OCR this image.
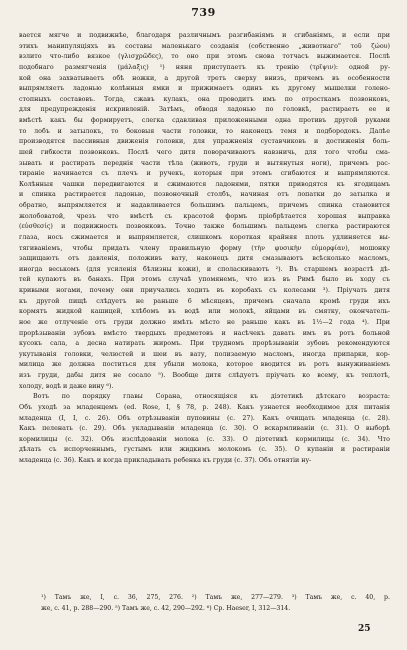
739
вается мягче и подвижнѣе, благодаря различнымъ разгибаніямъ и сгибаніямъ, и если при
этихъ манипуляціяхъ въ составы маленькаго созданія (собственно „животнаго" τοῦ ζώου)
взлито что-либо вязкое (γλισχρῶδες), то оно при этомъ снова тотчасъ выжимается. Послѣ
подобнаго размягченія (μάλαξις) ¹) няня приступаетъ къ тренію (τρῖψιν): одной ру-
кой она захватываетъ обѣ ножки, а другой третъ сверху внизъ, причемъ въ особенности
выпрямляетъ ладонью колѣнныя ямки и прижимаетъ одинъ къ другому мышелки голено-
стопныхъ составовъ. Тогда, сжавъ кулакъ, она проводитъ имъ по отросткамъ позвонковъ,
для предупрежденія искривленій. Затѣмъ, обводя ладонью по головкѣ, растираетъ ее и
вмѣстѣ какъ бы формируетъ, слегка сдавливая приложенными одна противъ другой руками
то лобъ и затылокъ, то боковыя части головки, то наконецъ темя и подбородокъ. Далѣе
производятся пассивныя движенія головки, для упражненія суставчиковъ и достиженія боль-
шей гибкости позвонковъ. Послѣ чего дитя поворачиваютъ навзничь, для того чтобы сма-
зывать и растирать переднія части тѣла (животъ, груди и вытянутыя ноги), причемъ рас-
тираніе начинается съ плечъ и ручекъ, которыя при этомъ сгибаются и выпрямляются.
Колѣнныя чашки передвигаются и сжимаются ладонями, пятки приводятся къ ягодицамъ
и спинка растирается ладонью, позвоночный столбъ, начиная отъ лопатки до затылка и
обратно, выпрямляется и надавливается большимъ пальцемъ, причемъ спинка становится
жолобоватой, чрезъ что вмѣстѣ съ красотой формъ пріобрѣтается хорошая выправка
(εὐσθεσίς) и подвижность позвонковъ. Точно также большимъ пальцемъ слегка растираются
глаза, носъ сжимается и выпрямляется, слишкомъ короткая крайняя плоть удлиняется вы-
тягиваніемъ, чтобы придать члену правильную форму (τὴν φυσικὴν εὐμορφίαν), мошонку
защищаютъ отъ давленія, положивъ вату, наконецъ дитя смазываютъ всѣсколько масломъ,
иногда веськомъ (для усиленія бѣлизны кожи), и споласкиваютъ ²). Въ старшемъ возрастѣ дѣ-
тей купаютъ въ банахъ. При этомъ случаѣ упомянемъ, что изъ въ Римѣ было въ ходу съ
кривыми ногами, почему они приучались ходить въ коробахъ съ колесами ³). Пріучать дитя
къ другой пищѣ слѣдуетъ не раньше 6 мѣсяцевъ, причемъ сначала кромѣ груди ихъ
кормятъ жидкой кашицей, хлѣбомъ въ водѣ или молокѣ, яйцами въ смятку, окончатель-
ное же отлученіе отъ груди должно имѣть мѣсто не раньше какъ въ 1½—2 года ⁴). При
прорѣзываніи зубовъ вмѣсто твердыхъ предметовъ и насѣчекъ давать имъ въ ротъ больной
кусокъ сала, а десна натирать жиромъ. При трудномъ прорѣзываніи зубовъ рекомендуются
укутыванія головки, челюстей и шеи въ вату, полизаемую масломъ, иногда припарки, кор-
милица же должна поститься для убыли молока, которое вводится въ ротъ вынуживаніемъ
изъ груди, дабы дитя не сосало ⁵). Вообще дитя слѣдуетъ пріучать ко всему, къ теплотѣ,
холоду, водѣ и даже вину ⁶).
Вотъ по порядку главы Сорана, относящіяся къ діэтетикѣ дѣтскаго возраста:
Объ уходѣ за младенцемъ (ed. Rose, I, § 78, p. 248). Какъ узнается необходимое для питанія
младенца (I, I, с. 26). Объ отрѣзываніи пуповины (с. 27). Какъ очищать младенца (с. 28).
Какъ пеленать (с. 29). Объ укладываніи младенца (с. 30). О вскармливаніи (с. 31). О выборѣ
кормилицы (с. 32). Объ изслѣдованіи молока (с. 33). О діэтетикѣ кормилицы (с. 34). Что
дѣлать съ испорченнымъ, густымъ или жидкимъ молокомъ (с. 35). О купаніи и растираніи
младенца (с. 36). Какъ и когда прикладывать ребенка къ груди (с. 37). Объ отнятіи ну-
¹) Тамъ же, I, с. 36, 275, 276. ²) Тамъ же, 277—279. ³) Тамъ же, с. 40, р.
же, с. 41, р. 288—290. ⁵) Тамъ же, с. 42, 290—292. ⁶) Ср. Haeser, I, 312—314.
25
